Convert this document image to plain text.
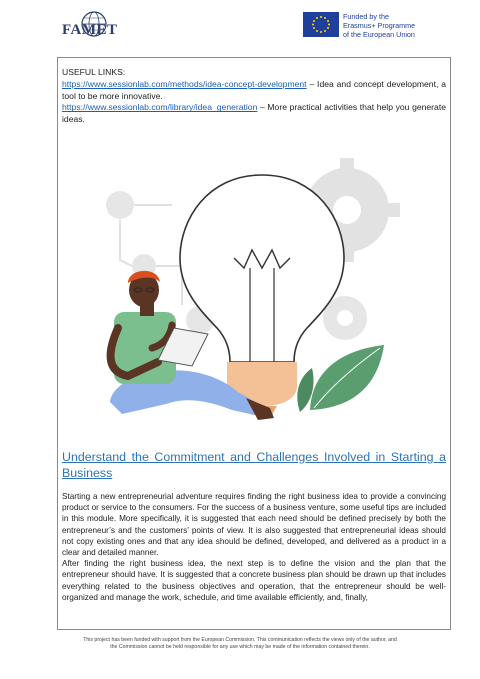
FAMET
Funded by the
Erasmus+ Programme
of the European Union
USEFUL LINKS:
https://www.sessionlab.com/methods/idea-concept-development – Idea and concept development, a tool to be more innovative.
https://www.sessionlab.com/library/idea_generation – More practical activities that help you generate ideas.
Understand the Commitment and Challenges Involved in Starting a Business

Starting a new entrepreneurial adventure requires finding the right business idea to provide a convincing product or service to the consumers. For the success of a business venture, some useful tips are included in this module. More specifically, it is suggested that each need should be defined precisely by both the entrepreneur’s and the customers’ points of view. It is also suggested that entrepreneurial ideas should not copy existing ones and that any idea should be defined, developed, and delivered as a product in a clear and detailed manner.

After finding the right business idea, the next step is to define the vision and the plan that the entrepreneur should have. It is suggested that a concrete business plan should be drawn up that includes everything related to the business objectives and operation, that the entrepreneur should be well-organized and manage the work, schedule, and time available efficiently, and, finally,

This project has been funded with support from the European Commission. This communication reflects the views only of the author, and
the Commission cannot be held responsible for any use which may be made of the information contained therein.
